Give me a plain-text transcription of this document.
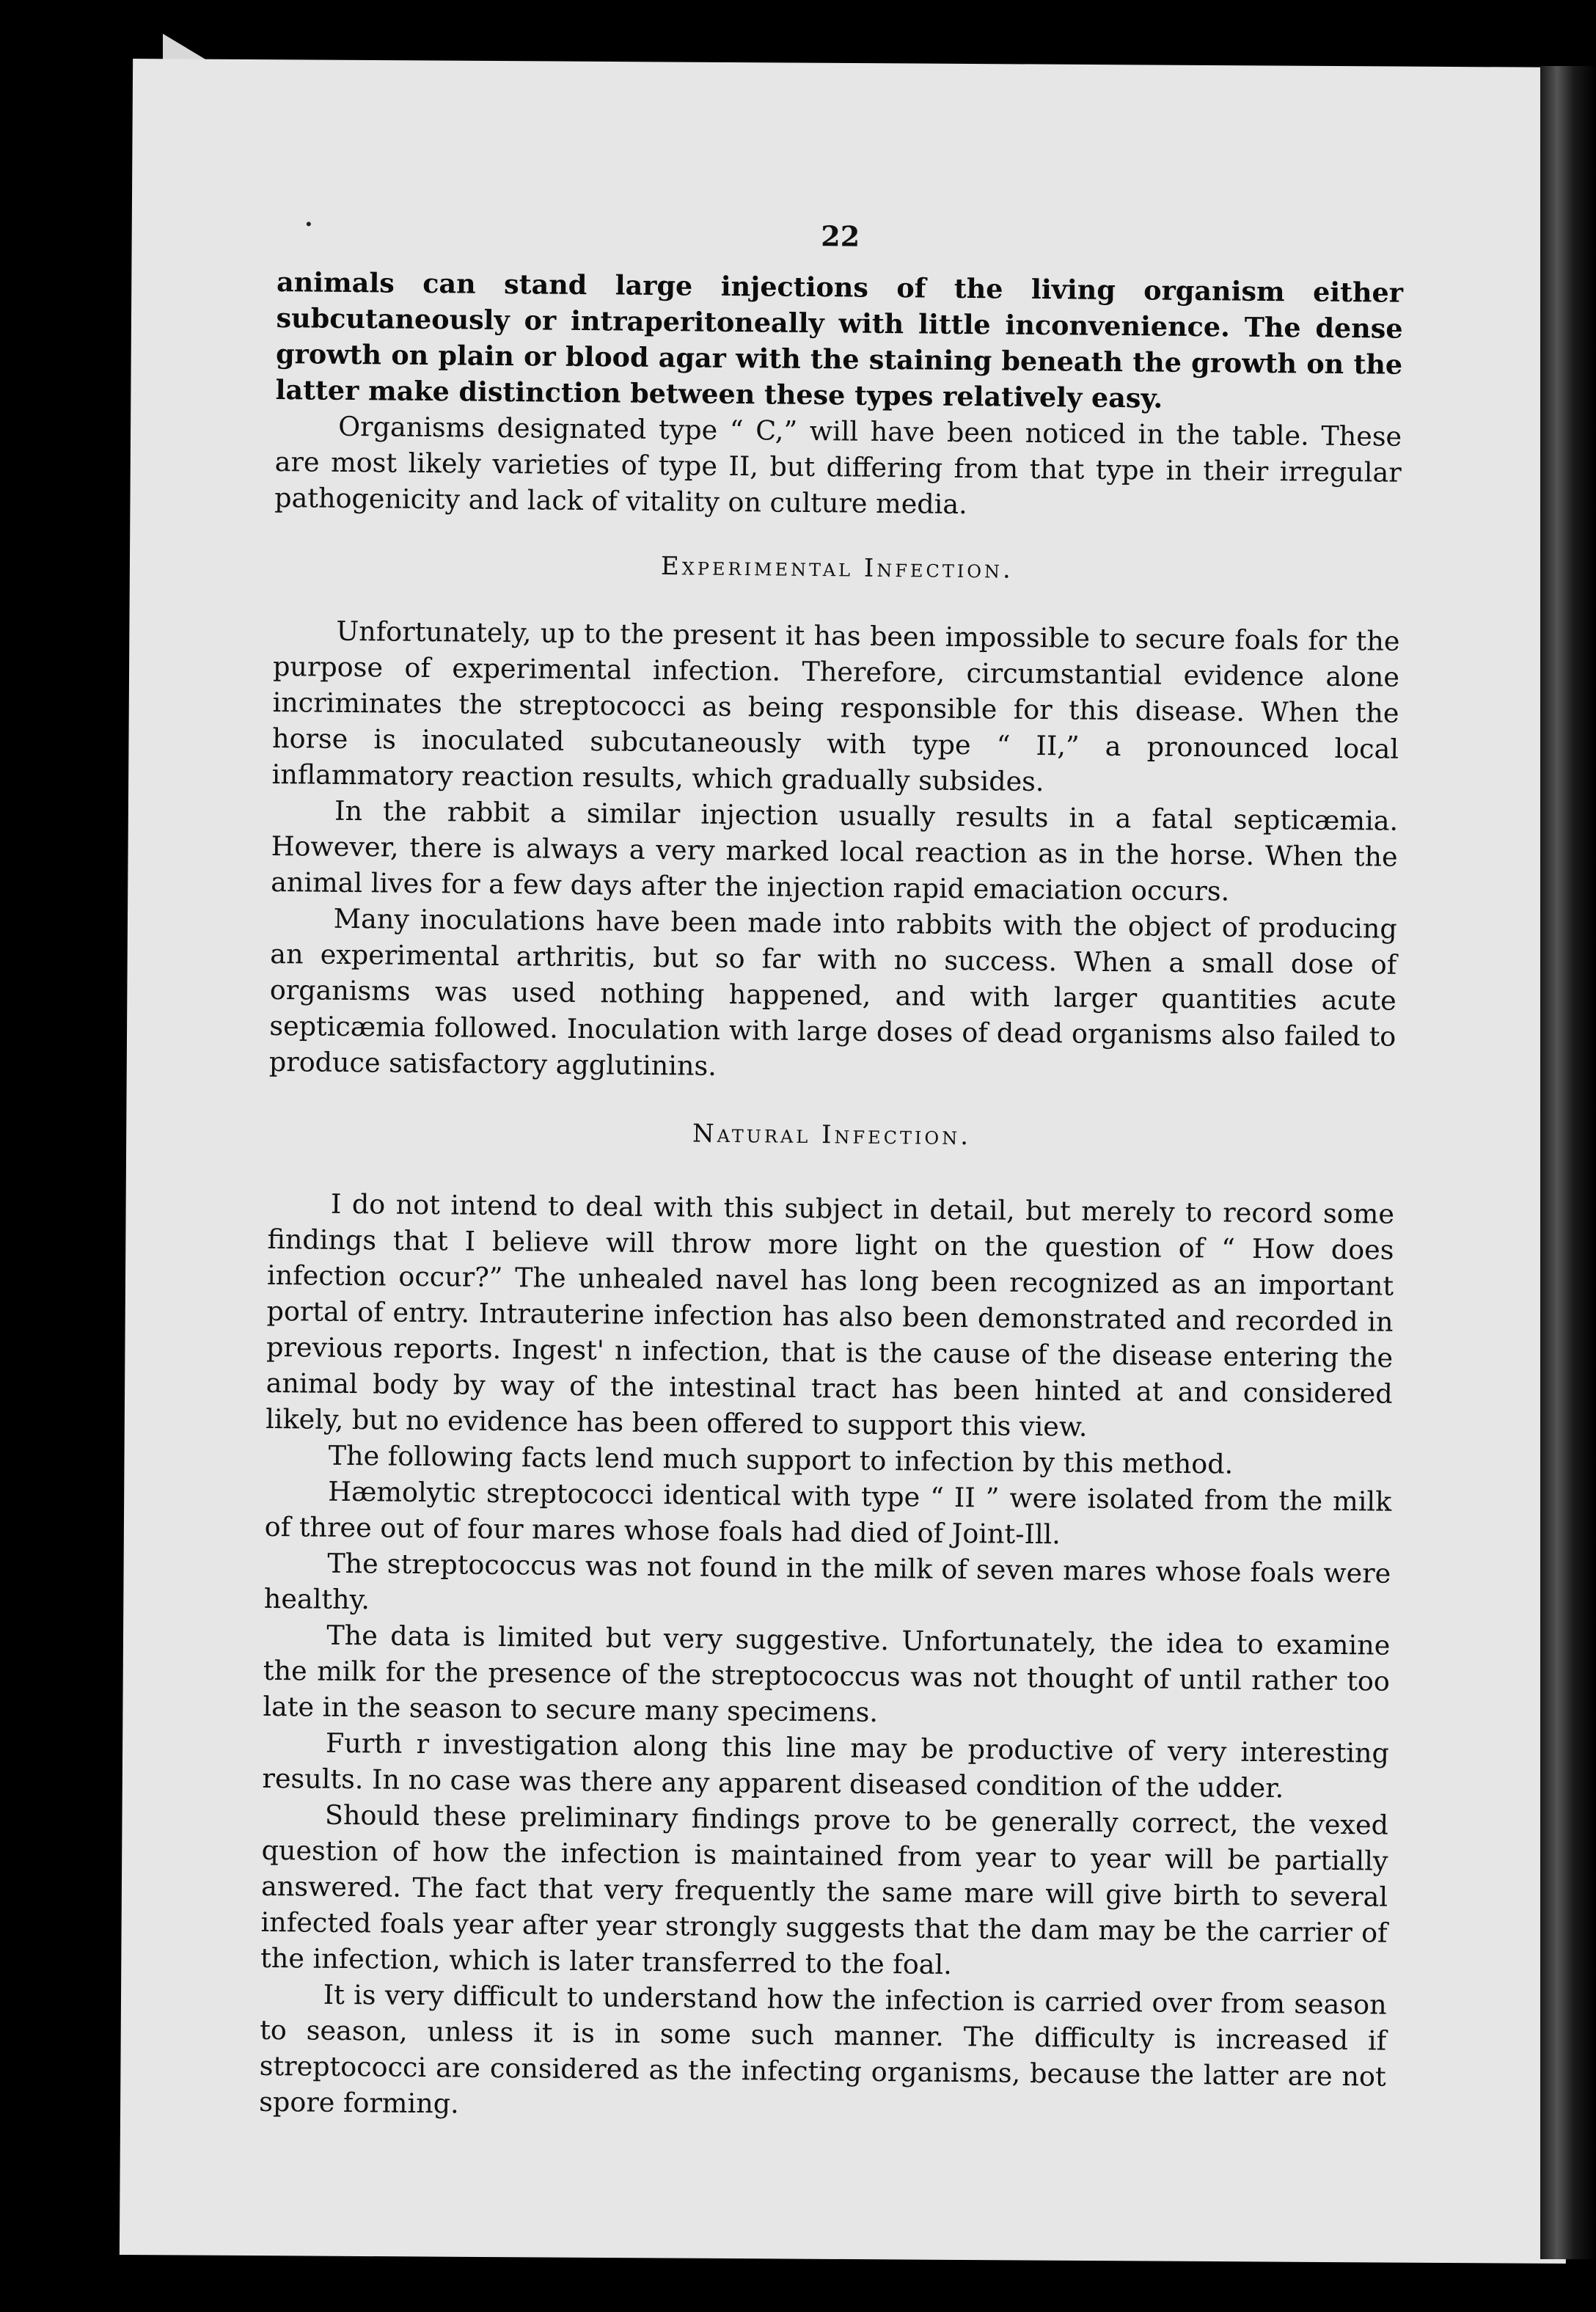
22

animals can stand large injections of the living organism either subcutaneously or intraperitoneally with little inconvenience. The dense growth on plain or blood agar with the staining beneath the growth on the latter make distinction between these types relatively easy.

Organisms designated type “ C,” will have been noticed in the table. These are most likely varieties of type II, but differing from that type in their irregular pathogenicity and lack of vitality on culture media.

Experimental Infection.

Unfortunately, up to the present it has been impossible to secure foals for the purpose of experimental infection. Therefore, circumstantial evidence alone incriminates the streptococci as being responsible for this disease. When the horse is inoculated subcutaneously with type “ II,” a pronounced local inflammatory reaction results, which gradually subsides.

In the rabbit a similar injection usually results in a fatal septicæmia. However, there is always a very marked local reaction as in the horse. When the animal lives for a few days after the injection rapid emaciation occurs.

Many inoculations have been made into rabbits with the object of producing an experimental arthritis, but so far with no success. When a small dose of organisms was used nothing happened, and with larger quantities acute septicæmia followed. Inoculation with large doses of dead organisms also failed to produce satisfactory agglutinins.

Natural Infection.

I do not intend to deal with this subject in detail, but merely to record some findings that I believe will throw more light on the question of “ How does infection occur?” The unhealed navel has long been recognized as an important portal of entry. Intrauterine infection has also been demonstrated and recorded in previous reports. Ingest' n infection, that is the cause of the disease entering the animal body by way of the intestinal tract has been hinted at and considered likely, but no evidence has been offered to support this view.

The following facts lend much support to infection by this method.

Hæmolytic streptococci identical with type “ II ” were isolated from the milk of three out of four mares whose foals had died of Joint-Ill.

The streptococcus was not found in the milk of seven mares whose foals were healthy.

The data is limited but very suggestive. Unfortunately, the idea to examine the milk for the presence of the streptococcus was not thought of until rather too late in the season to secure many specimens.

Furth r investigation along this line may be productive of very interesting results. In no case was there any apparent diseased condition of the udder.

Should these preliminary findings prove to be generally correct, the vexed question of how the infection is maintained from year to year will be partially answered. The fact that very frequently the same mare will give birth to several infected foals year after year strongly suggests that the dam may be the carrier of the infection, which is later transferred to the foal.

It is very difficult to understand how the infection is carried over from season to season, unless it is in some such manner. The difficulty is increased if streptococci are considered as the infecting organisms, because the latter are not spore forming.
